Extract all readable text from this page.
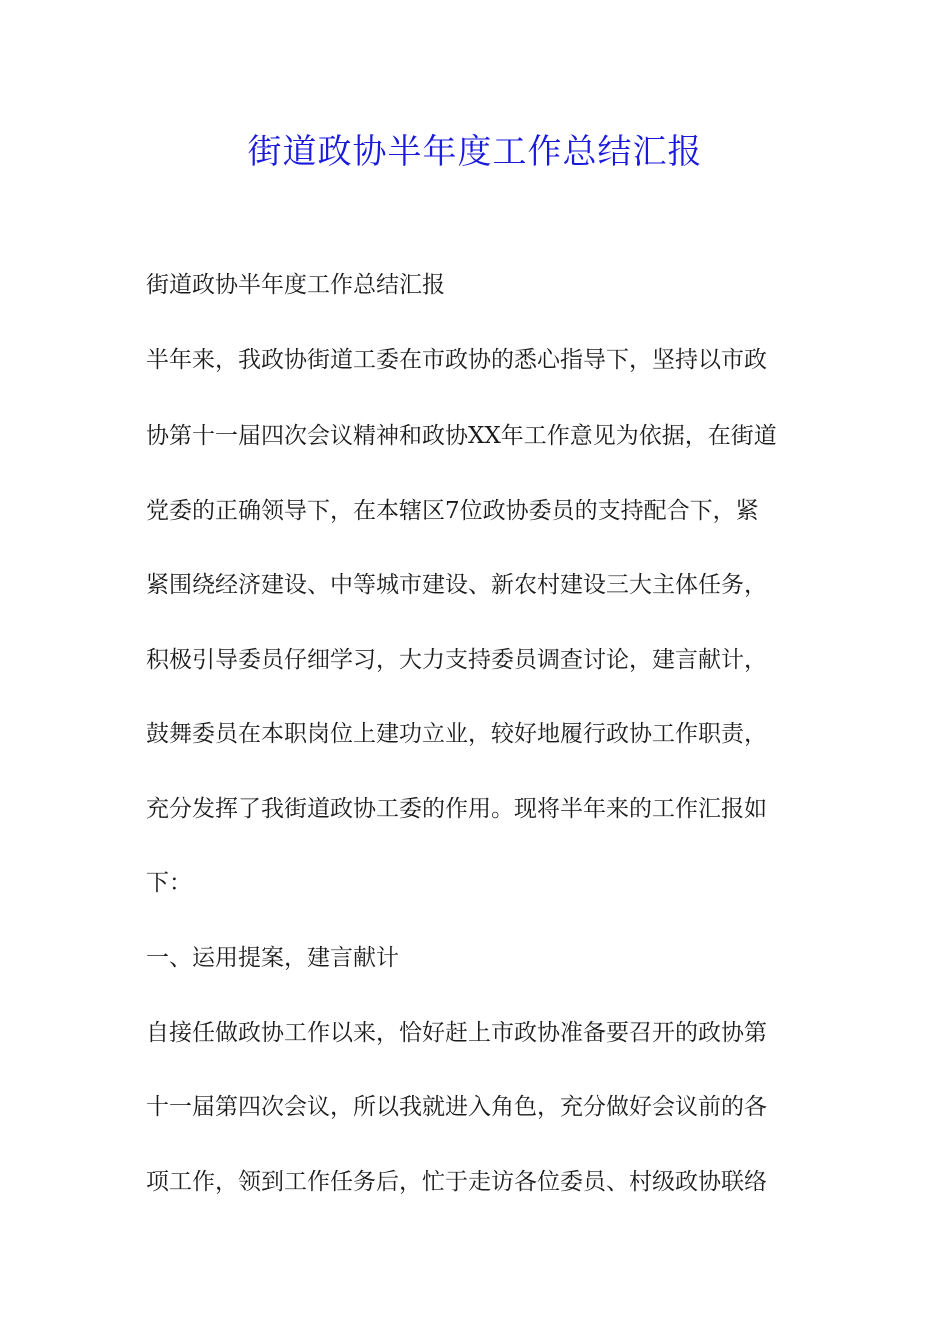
街道政协半年度工作总结汇报

街道政协半年度工作总结汇报

半年来，我政协街道工委在市政协的悉心指导下，坚持以市政

协第十一届四次会议精神和政协XX年工作意见为依据，在街道

党委的正确领导下，在本辖区7位政协委员的支持配合下，紧

紧围绕经济建设、中等城市建设、新农村建设三大主体任务，

积极引导委员仔细学习，大力支持委员调查讨论，建言献计，

鼓舞委员在本职岗位上建功立业，较好地履行政协工作职责，

充分发挥了我街道政协工委的作用。现将半年来的工作汇报如

下：

一、运用提案，建言献计

自接任做政协工作以来，恰好赶上市政协准备要召开的政协第

十一届第四次会议，所以我就进入角色，充分做好会议前的各

项工作，领到工作任务后，忙于走访各位委员、村级政协联络
